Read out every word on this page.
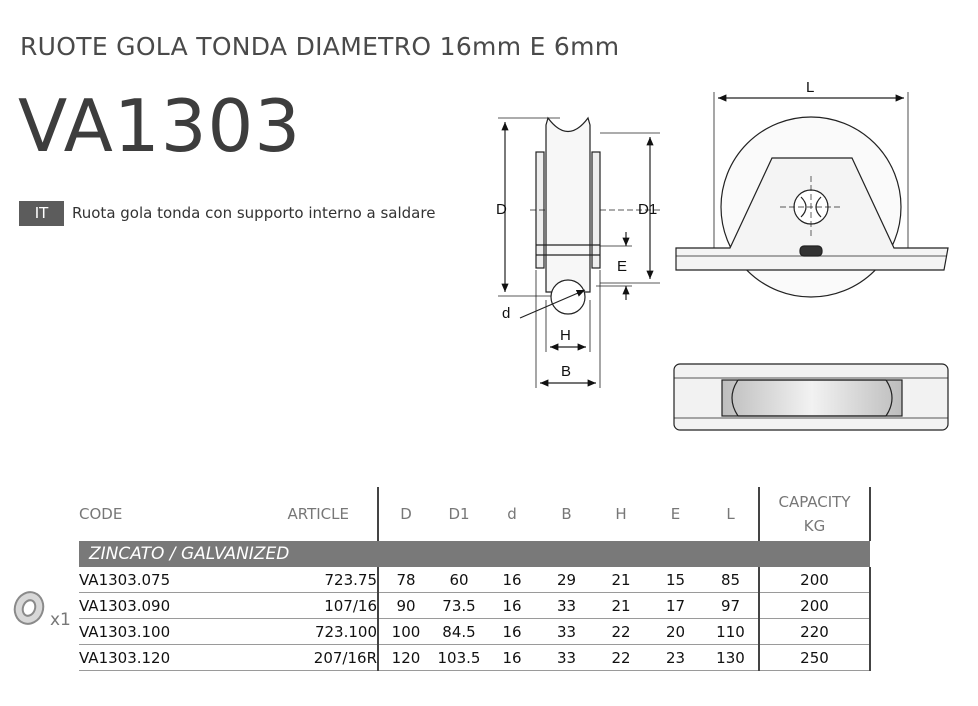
RUOTE GOLA TONDA DIAMETRO 16mm E 6mm
VA1303
IT	Ruota gola tonda con supporto interno a saldare	D	D1
E
d
H
B
L
CODE	ARTICLE	D	D1	d	B	H	E	L	CAPACITY
KG
ZINCATO / GALVANIZED									
VA1303.075	723.75	78	60	16	29	21	15	85	200
VA1303.090	107/16	90	73.5	16	33	21	17	97	200
VA1303.100	723.100	100	84.5	16	33	22	20	110	220
VA1303.120	207/16R	120	103.5	16	33	22	23	130	250
x1
